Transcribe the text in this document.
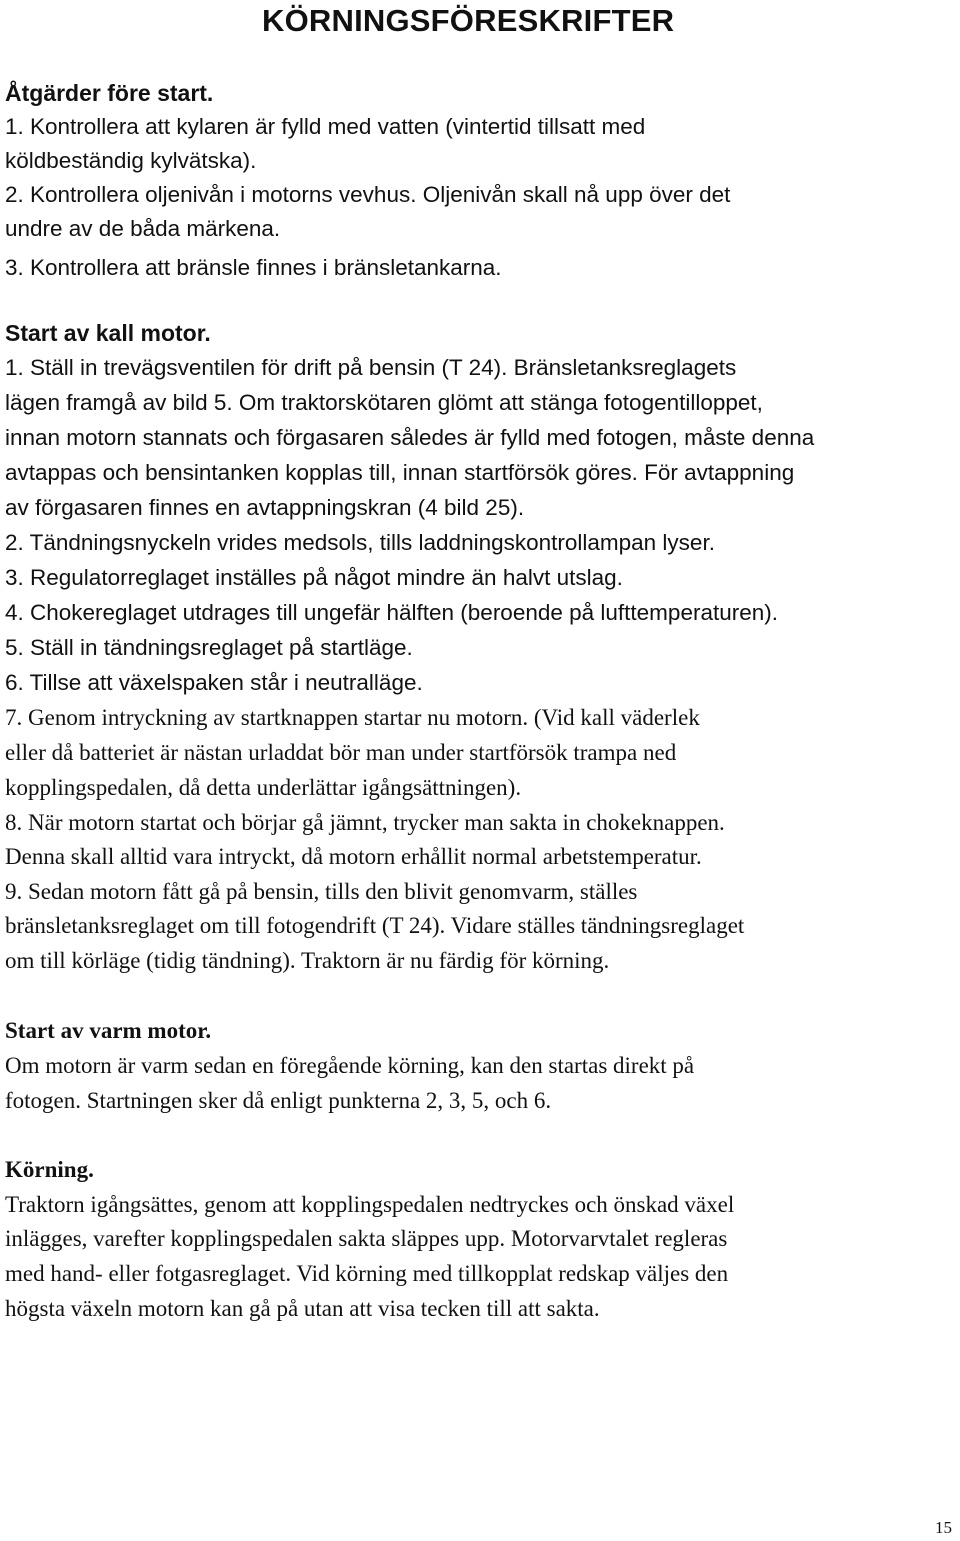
KÖRNINGSFÖRESKRIFTER

Åtgärder före start.

1. Kontrollera att kylaren är fylld med vatten (vintertid tillsatt med

köldbeständig kylvätska).

2. Kontrollera oljenivån i motorns vevhus. Oljenivån skall nå upp över det

undre av de båda märkena.

3. Kontrollera att bränsle finnes i bränsletankarna.

Start av kall motor.

1. Ställ in trevägsventilen för drift på bensin (T 24). Bränsletanksreglagets

lägen framgå av bild 5. Om traktorskötaren glömt att stänga fotogentilloppet,

innan motorn stannats och förgasaren således är fylld med fotogen, måste denna

avtappas och bensintanken kopplas till, innan startförsök göres. För avtappning

av förgasaren finnes en avtappningskran (4 bild 25).

2. Tändningsnyckeln vrides medsols, tills laddningskontrollampan lyser.

3. Regulatorreglaget inställes på något mindre än halvt utslag.

4. Chokereglaget utdrages till ungefär hälften (beroende på lufttemperaturen).

5. Ställ in tändningsreglaget på startläge.

6. Tillse att växelspaken står i neutralläge.

7. Genom intryckning av startknappen startar nu motorn. (Vid kall väderlek

eller då batteriet är nästan urladdat bör man under startförsök trampa ned

kopplingspedalen, då detta underlättar igångsättningen).

8. När motorn startat och börjar gå jämnt, trycker man sakta in chokeknappen.

Denna skall alltid vara intryckt, då motorn erhållit normal arbetstemperatur.

9. Sedan motorn fått gå på bensin, tills den blivit genomvarm, ställes

bränsletanksreglaget om till fotogendrift (T 24). Vidare ställes tändningsreglaget

om till körläge (tidig tändning). Traktorn är nu färdig för körning.

Start av varm motor.

Om motorn är varm sedan en föregående körning, kan den startas direkt på

fotogen. Startningen sker då enligt punkterna 2, 3, 5, och 6.

Körning.

Traktorn igångsättes, genom att kopplingspedalen nedtryckes och önskad växel

inlägges, varefter kopplingspedalen sakta släppes upp. Motorvarvtalet regleras

med hand- eller fotgasreglaget. Vid körning med tillkopplat redskap väljes den

högsta växeln motorn kan gå på utan att visa tecken till att sakta.

15
